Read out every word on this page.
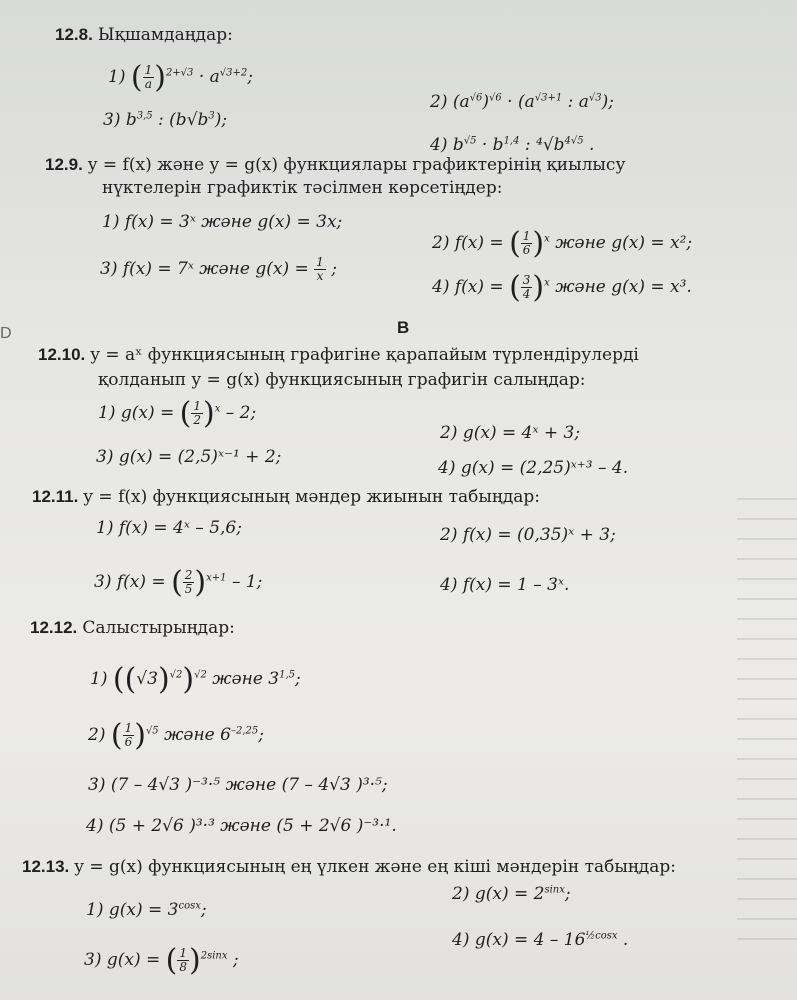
D
12.8. Ықшамдаңдар:
1) ( $\frac{1}{a} )^{2+√3} \cdot a^{√3+2}$;
2) $(a^{√6})^{√6} \cdot (a^{√3+1}$ : $a^{√3}$);
3) $b^{3,5}$ : $(b√b^3)$;
4) $b^{√5} \cdot b^{1,4}$ : $^4√b^{4√5}$ .
12.9. y = f(x) және y = g(x) функциялары графиктерінің қиылысу
нүктелерін графиктік тәсілмен көрсетіңдер:
1) f(x) = 3ˣ және g(x) = 3x;
2) f(x) = ( $\frac{1}{6} )^x$ және g(x) = x²;
3) f(x) = 7ˣ және $g(x) = \frac{1}{x}$ ;
4) f(x) = ( $\frac{3}{4} )^x$ және g(x) = x³.
B
12.10. y = aˣ функциясының графигіне қарапайым түрлендірулерді
қолданып y = g(x) функциясының графигін салыңдар:
1) g(x) = ( $\frac{1}{2} )^x - 2$;
2) g(x) = 4ˣ + 3;
3) g(x) = (2,5)ˣ⁻¹ + 2;
4) g(x) = (2,25)ˣ⁺³ – 4.
12.11. y = f(x) функциясының мәндер жиынын табыңдар:
1) f(x) = 4ˣ – 5,6;	2) f(x) = (0,35)ˣ + 3;
3) f(x) = ( $\frac{2}{5} )^{x+1} - 1$;	4) f(x) = 1 – 3ˣ.
12.12. Салыстырыңдар:
1) $((√3)^{√2})^{√2}$ және 3$^{1,5}$;
2) ( $\frac{1}{6} )^{√5}$ және $6^{-2,25}$;
3) (7 – 4√3 )⁻³·⁵ және (7 – 4√3 )³·⁵;
4) (5 + 2√6 )³·³ және (5 + 2√6 )⁻³·¹.
12.13. y = g(x) функциясының ең үлкен және ең кіші мәндерін табыңдар:
1) $g(x) = 3^{cosx}$;
2) $g(x) = 2^{sinx}$;
3) g(x) = ( $\frac{1}{8} )^{2sinx}$ ;
4) $g(x) = 4 - 16^{\frac{1}{2}cosx}$ .
